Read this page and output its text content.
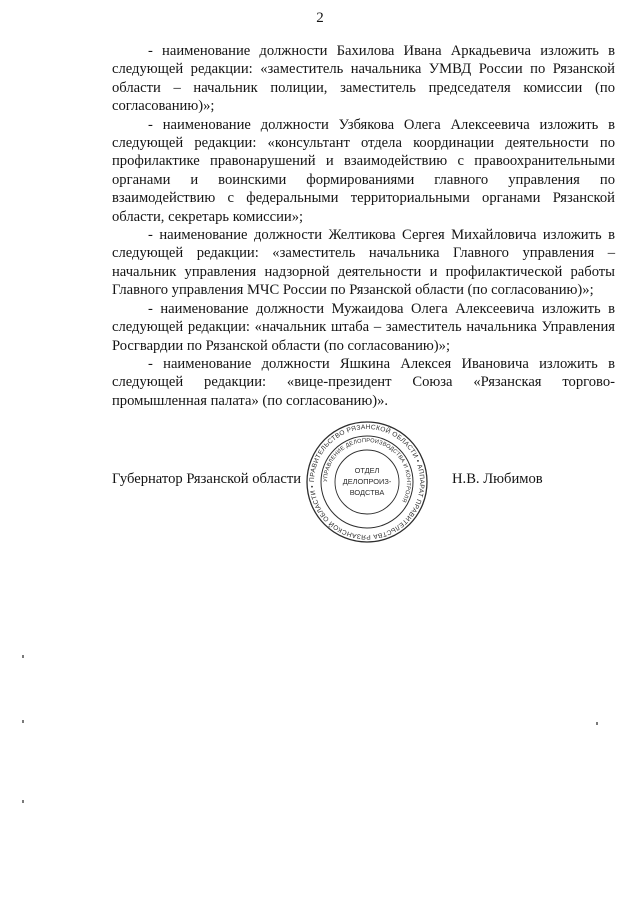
2

- наименование должности Бахилова Ивана Аркадьевича изложить в следующей редакции: «заместитель начальника УМВД России по Рязанской области – начальник полиции, заместитель председателя комиссии (по согласованию)»;

- наименование должности Узбякова Олега Алексеевича изложить в следующей редакции: «консультант отдела координации деятельности по профилактике правонарушений и взаимодействию с правоохранительными органами и воинскими формированиями главного управления по взаимодействию с федеральными территориальными органами Рязанской области, секретарь комиссии»;

- наименование должности Желтикова Сергея Михайловича изложить в следующей редакции: «заместитель начальника Главного управления – начальник управления надзорной деятельности и профилактической работы Главного управления МЧС России по Рязанской области (по согласованию)»;

- наименование должности Мужаидова Олега Алексеевича изложить в следующей редакции: «начальник штаба – заместитель начальника Управления Росгвардии по Рязанской области (по согласованию)»;

- наименование должности Яшкина Алексея Ивановича изложить в следующей редакции: «вице-президент Союза «Рязанская торгово-промышленная палата» (по согласованию)».

Губернатор Рязанской области	Н.В. Любимов
ПРАВИТЕЛЬСТВО РЯЗАНСКОЙ ОБЛАСТИ • АППАРАТ ПРАВИТЕЛЬСТВА РЯЗАНСКОЙ ОБЛАСТИ •
УПРАВЛЕНИЕ ДЕЛОПРОИЗВОДСТВА И КОНТРОЛЯ
ОТДЕЛ
ДЕЛОПРОИЗ-
ВОДСТВА
